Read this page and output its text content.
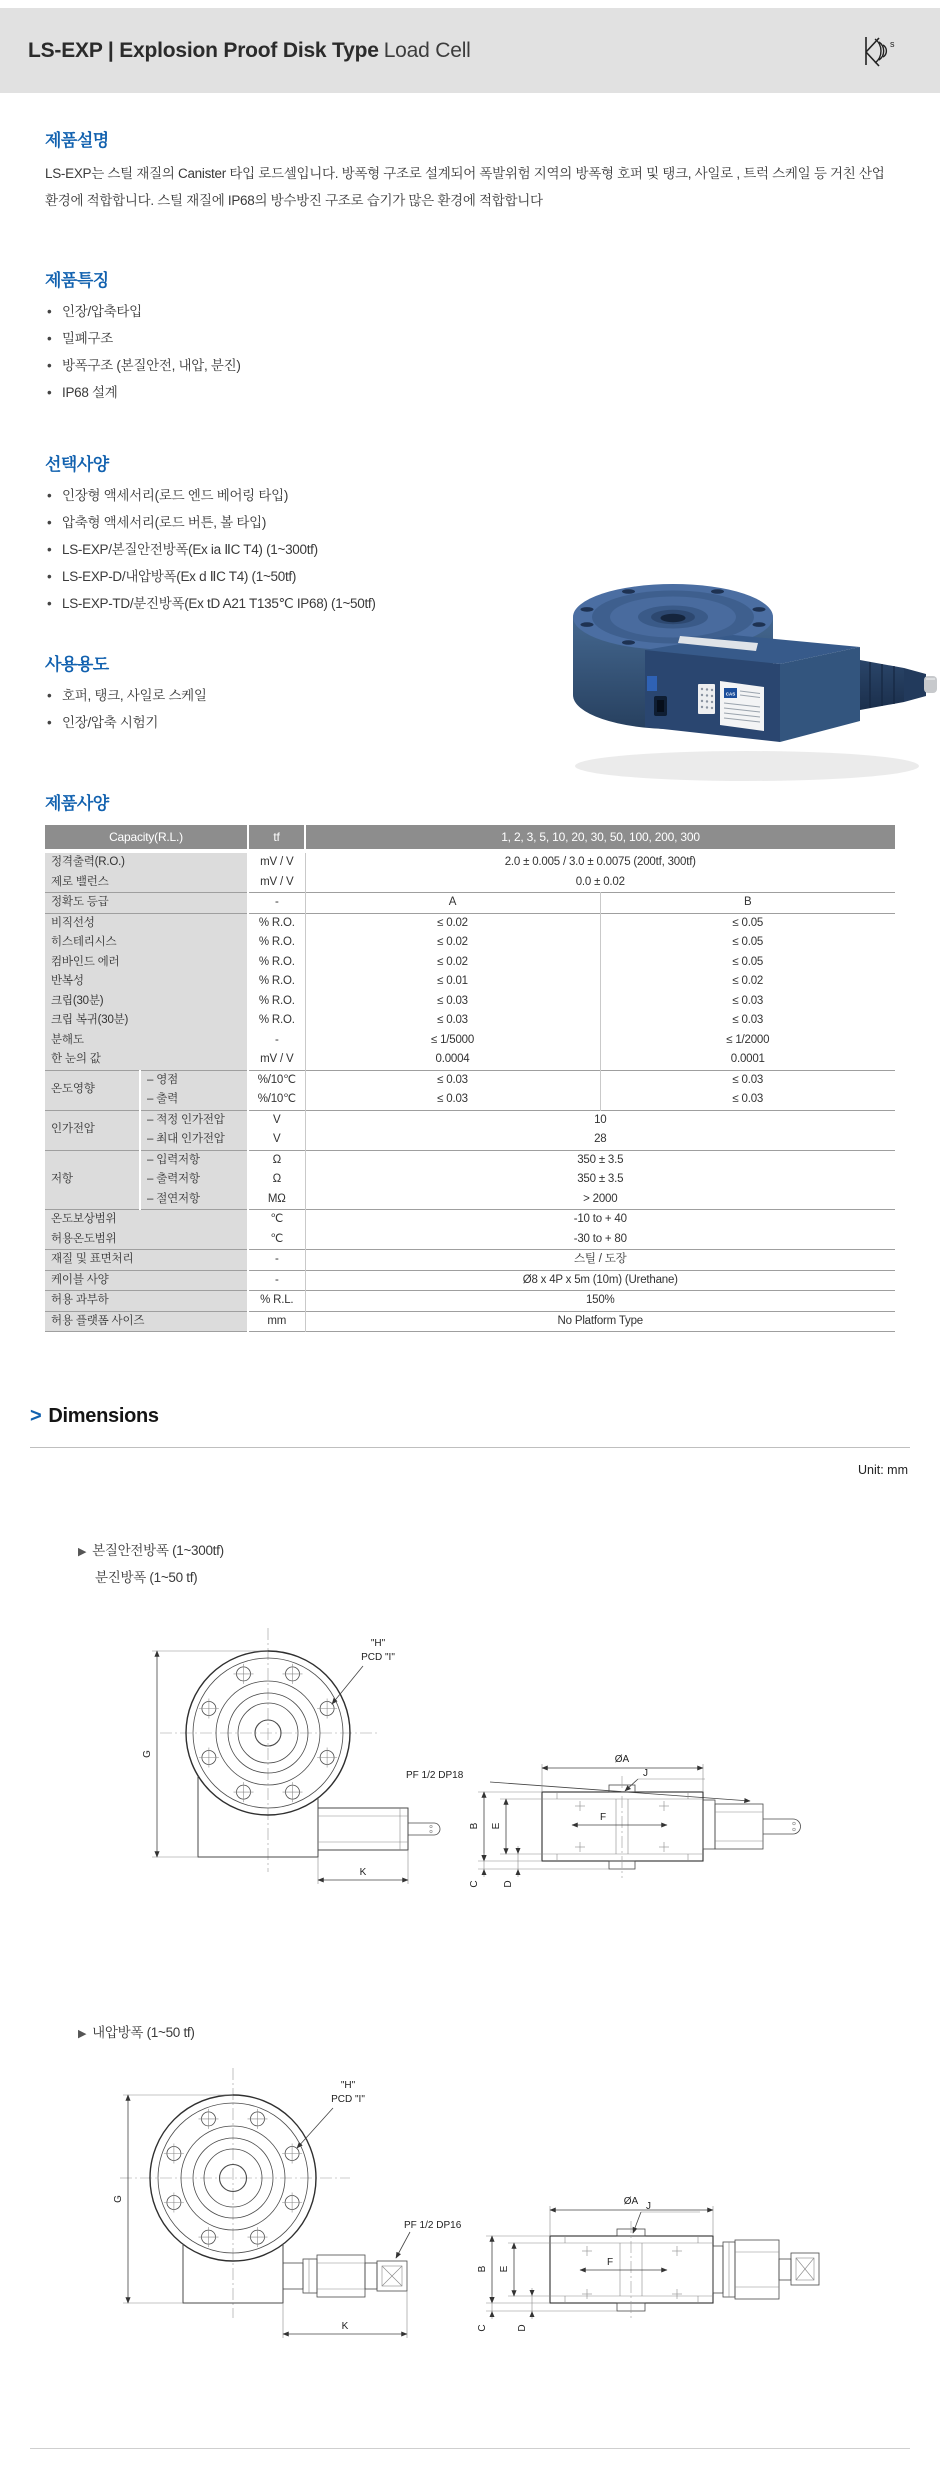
LS-EXP | Explosion Proof Disk Type Load Cell	s
제품설명

LS-EXP는 스틸 재질의 Canister 타입 로드셀입니다. 방폭형 구조로 설계되어 폭발위험 지역의 방폭형 호퍼 및 탱크, 사일로 , 트럭 스케일 등 거친 산업 환경에 적합합니다. 스틸 재질에 IP68의 방수방진 구조로 습기가 많은 환경에 적합합니다

제품특징
• 인장/압축타입
• 밀폐구조
• 방폭구조 (본질안전, 내압, 분진)
• IP68 설계
선택사양
• 인장형 액세서리(로드 엔드 베어링 타입)
• 압축형 액세서리(로드 버튼, 볼 타입)
• LS-EXP/본질안전방폭(Ex ia ⅡC T4) (1~300tf)
• LS-EXP-D/내압방폭(Ex d ⅡC T4) (1~50tf)
• LS-EXP-TD/분진방폭(Ex tD A21 T135℃ IP68) (1~50tf)
사용용도
• 호퍼, 탱크, 사일로 스케일
• 인장/압축 시험기
CAS
제품사양
Capacity(R.L.)		tf	1, 2, 3, 5, 10, 20, 30, 50, 100, 200, 300	
정격출력(R.O.)		mV / V	2.0 ± 0.005 / 3.0 ± 0.0075 (200tf, 300tf)	
제로 밸런스		mV / V	0.0 ± 0.02	
정확도 등급		-	A	B
비직선성		% R.O.	≤ 0.02	≤ 0.05
히스테리시스		% R.O.	≤ 0.02	≤ 0.05
컴바인드 에러		% R.O.	≤ 0.02	≤ 0.05
반복성		% R.O.	≤ 0.01	≤ 0.02
크립(30분)		% R.O.	≤ 0.03	≤ 0.03
크립 복귀(30분)		% R.O.	≤ 0.03	≤ 0.03
분해도		-	≤ 1/5000	≤ 1/2000
한 눈의 값		mV / V	0.0004	0.0001
온도영향	– 영점	%/10℃	≤ 0.03	≤ 0.03
	– 출력	%/10℃	≤ 0.03	≤ 0.03
인가전압	– 적정 인가전압	V	10	
	– 최대 인가전압	V	28	
저항	– 입력저항	Ω	350 ± 3.5	
	– 출력저항	Ω	350 ± 3.5	
	– 절연저항	MΩ	> 2000	
온도보상범위		℃	-10 to + 40	
허용온도범위		℃	-30 to + 80	
재질 및 표면처리		-	스틸 / 도장	
케이블 사양		-	Ø8 x 4P x 5m (10m) (Urethane)	
허용 과부하		% R.L.	150%	
허용 플랫폼 사이즈		mm	No Platform Type	
> Dimensions
Unit: mm
▶ 본질안전방폭 (1~300tf)
분진방폭 (1~50 tf)
G
K
"H"
PCD "I"
PF 1/2 DP18
F
J
ØA
B E
C D
▶ 내압방폭 (1~50 tf)
G
K
"H"
PCD "I"
PF 1/2 DP16
F
J
ØA
B E
C	D
